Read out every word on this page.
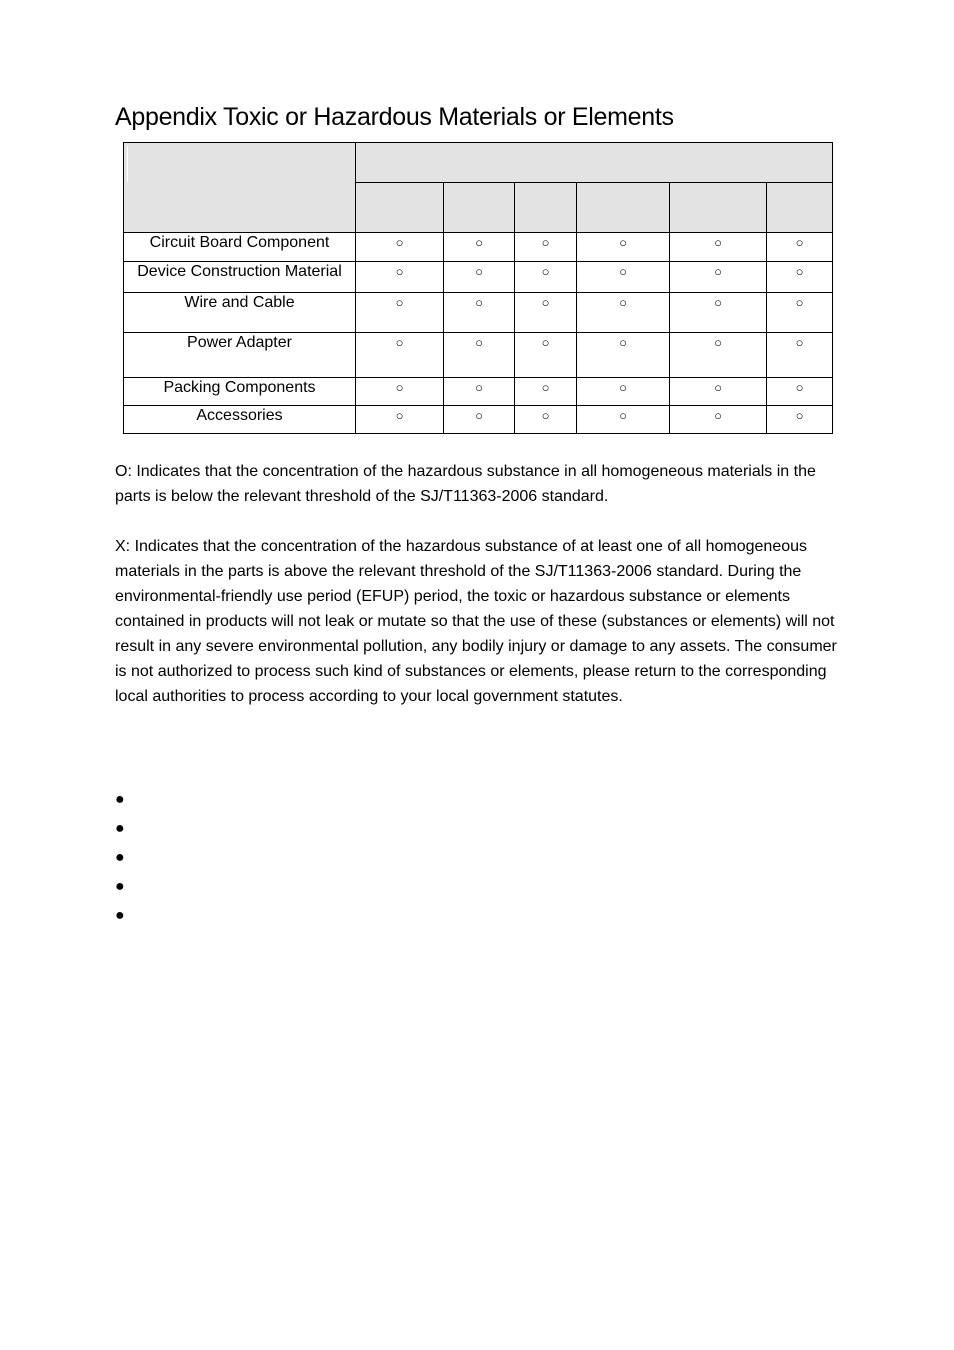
Appendix Toxic or Hazardous Materials or Elements

Circuit Board Component	○	○	○	○	○	○
Device Construction Material	○	○	○	○	○	○
Wire and Cable	○	○	○	○	○	○
Power Adapter	○	○	○	○	○	○
Packing Components	○	○	○	○	○	○
Accessories	○	○	○	○	○	○

O: Indicates that the concentration of the hazardous substance in all homogeneous materials in the parts is below the relevant threshold of the SJ/T11363-2006 standard.

X: Indicates that the concentration of the hazardous substance of at least one of all homogeneous materials in the parts is above the relevant threshold of the SJ/T11363-2006 standard. During the environmental-friendly use period (EFUP) period, the toxic or hazardous substance or elements contained in products will not leak or mutate so that the use of these (substances or elements) will not result in any severe environmental pollution, any bodily injury or damage to any assets. The consumer is not authorized to process such kind of substances or elements, please return to the corresponding local authorities to process according to your local government statutes.

●
●
●
●
●
